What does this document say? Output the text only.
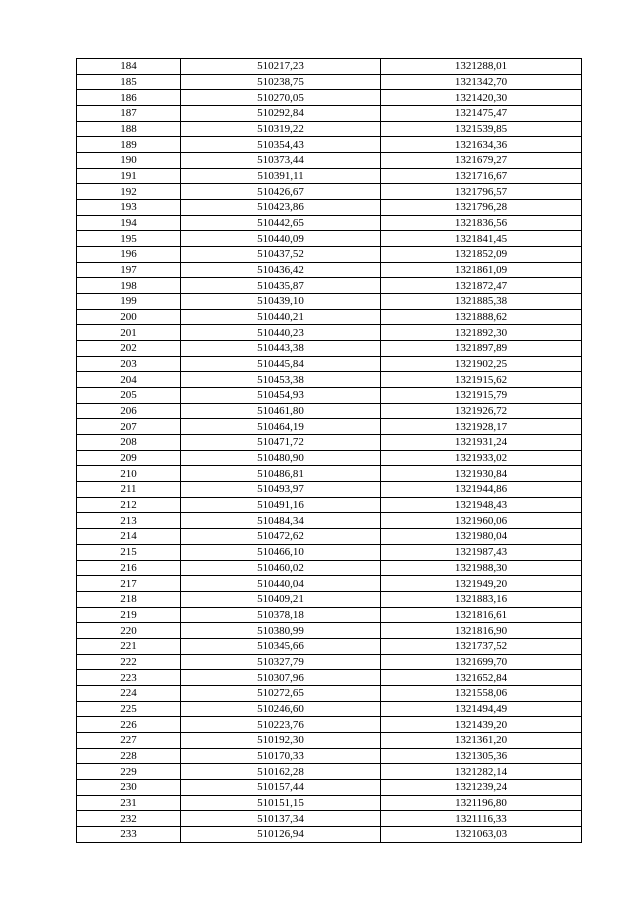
184	510217,23	1321288,01
185	510238,75	1321342,70
186	510270,05	1321420,30
187	510292,84	1321475,47
188	510319,22	1321539,85
189	510354,43	1321634,36
190	510373,44	1321679,27
191	510391,11	1321716,67
192	510426,67	1321796,57
193	510423,86	1321796,28
194	510442,65	1321836,56
195	510440,09	1321841,45
196	510437,52	1321852,09
197	510436,42	1321861,09
198	510435,87	1321872,47
199	510439,10	1321885,38
200	510440,21	1321888,62
201	510440,23	1321892,30
202	510443,38	1321897,89
203	510445,84	1321902,25
204	510453,38	1321915,62
205	510454,93	1321915,79
206	510461,80	1321926,72
207	510464,19	1321928,17
208	510471,72	1321931,24
209	510480,90	1321933,02
210	510486,81	1321930,84
211	510493,97	1321944,86
212	510491,16	1321948,43
213	510484,34	1321960,06
214	510472,62	1321980,04
215	510466,10	1321987,43
216	510460,02	1321988,30
217	510440,04	1321949,20
218	510409,21	1321883,16
219	510378,18	1321816,61
220	510380,99	1321816,90
221	510345,66	1321737,52
222	510327,79	1321699,70
223	510307,96	1321652,84
224	510272,65	1321558,06
225	510246,60	1321494,49
226	510223,76	1321439,20
227	510192,30	1321361,20
228	510170,33	1321305,36
229	510162,28	1321282,14
230	510157,44	1321239,24
231	510151,15	1321196,80
232	510137,34	1321116,33
233	510126,94	1321063,03
